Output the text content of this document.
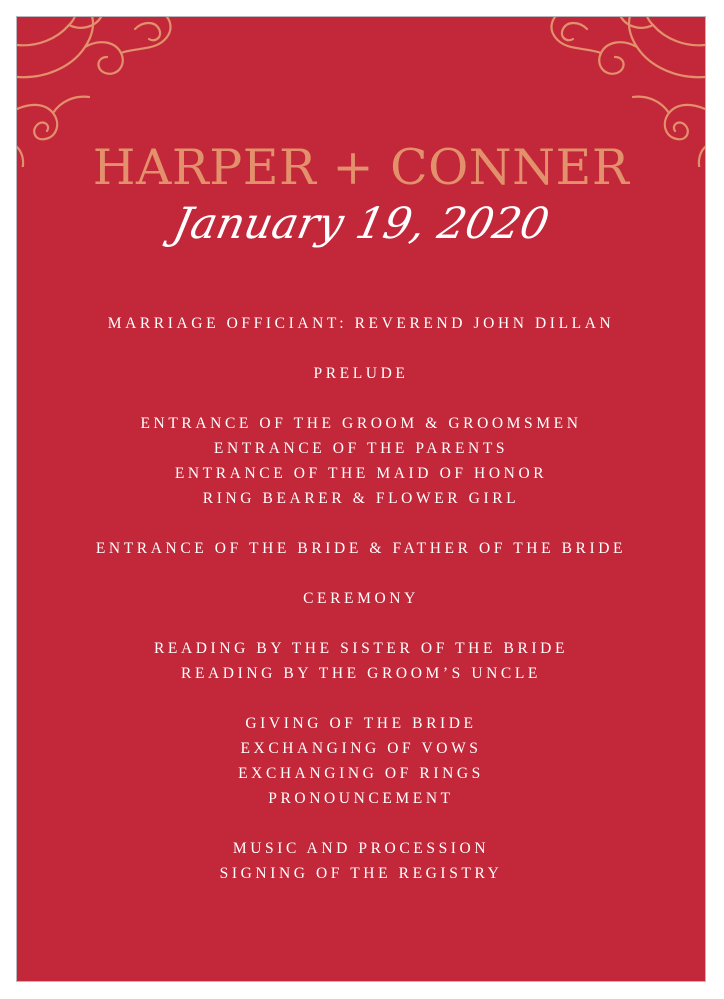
HARPER + CONNER
January 19, 2020
MARRIAGE OFFICIANT: REVEREND JOHN DILLAN
PRELUDE
ENTRANCE OF THE GROOM & GROOMSMEN
ENTRANCE OF THE PARENTS
ENTRANCE OF THE MAID OF HONOR
RING BEARER & FLOWER GIRL
ENTRANCE OF THE BRIDE & FATHER OF THE BRIDE
CEREMONY
READING BY THE SISTER OF THE BRIDE
READING BY THE GROOM’S UNCLE
GIVING OF THE BRIDE
EXCHANGING OF VOWS
EXCHANGING OF RINGS
PRONOUNCEMENT
MUSIC AND PROCESSION
SIGNING OF THE REGISTRY
